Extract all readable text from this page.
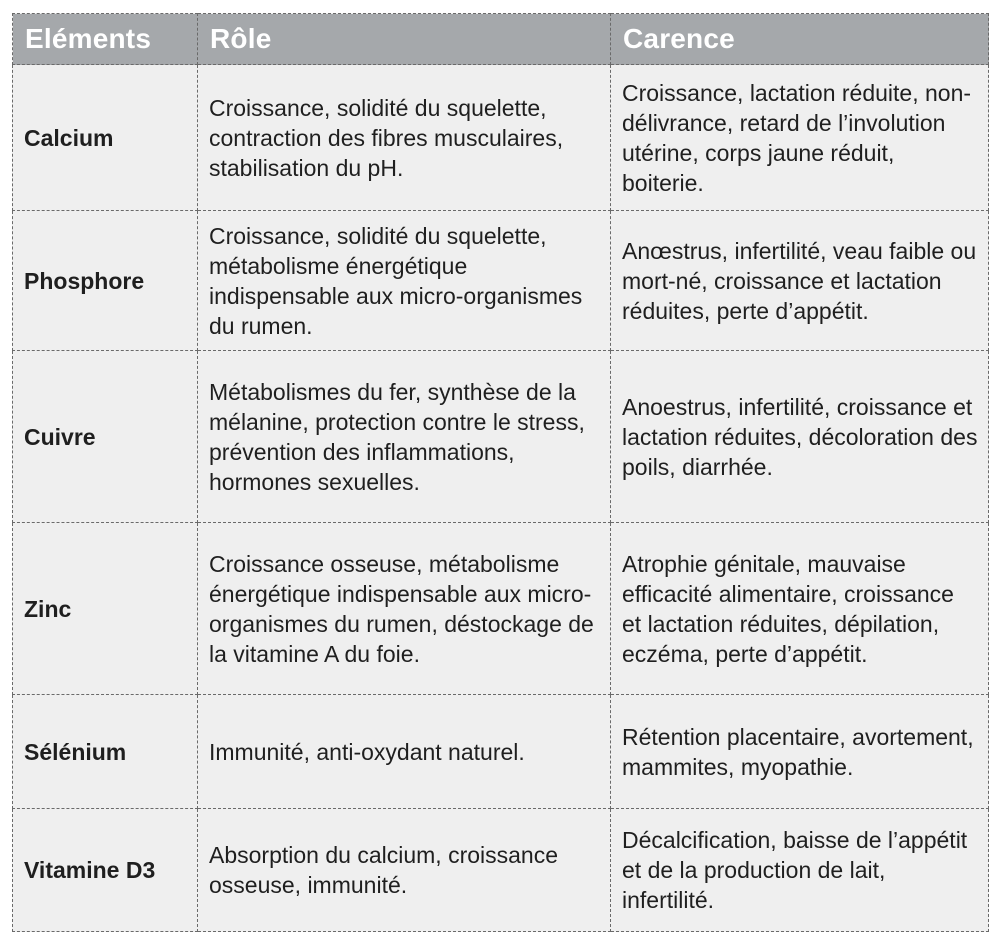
Eléments	Rôle	Carence
Calcium	Croissance, solidité du squelette, contraction des fibres musculaires, stabilisation du pH.	Croissance, lactation réduite, non-délivrance, retard de l’involution utérine, corps jaune réduit, boiterie.
Phosphore	Croissance, solidité du squelette, métabolisme énergétique indispensable aux micro-organismes du rumen.	Anœstrus, infertilité, veau faible ou mort-né, croissance et lactation réduites, perte d’appétit.
Cuivre	Métabolismes du fer, synthèse de la mélanine, protection contre le stress, prévention des inflammations, hormones sexuelles.	Anoestrus, infertilité, croissance et lactation réduites, décoloration des poils, diarrhée.
Zinc	Croissance osseuse, métabolisme énergétique indispensable aux micro-organismes du rumen, déstockage de la vitamine A du foie.	Atrophie génitale, mauvaise efficacité alimentaire, croissance et lactation réduites, dépilation, eczéma, perte d’appétit.
Sélénium	Immunité, anti-oxydant naturel.	Rétention placentaire, avortement, mammites, myopathie.
Vitamine D3	Absorption du calcium, croissance osseuse, immunité.	Décalcification, baisse de l’appétit et de la production de lait, infertilité.
